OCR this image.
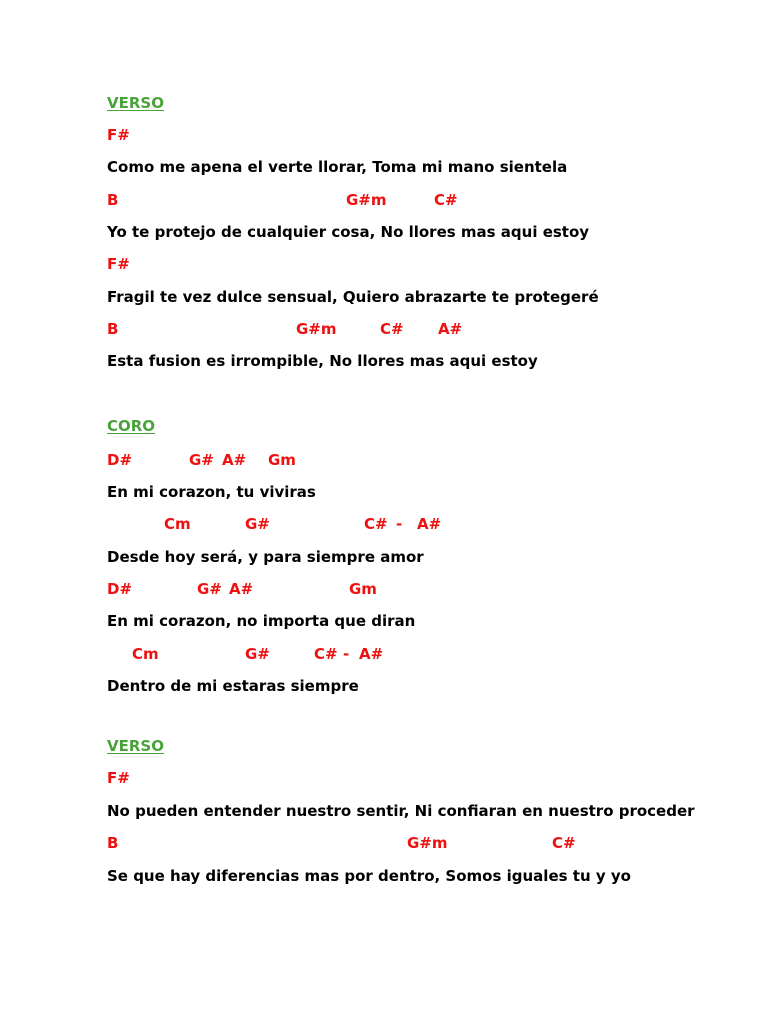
VERSO

F#

Como me apena el verte llorar, Toma mi mano sientela

B

	G#m

	C#

Yo te protejo de cualquier cosa, No llores mas aqui estoy

F#

Fragil te vez dulce sensual, Quiero abrazarte te protegeré

B

	G#m

	C#

A#

Esta fusion es irrompible, No llores mas aqui estoy
CORO

D#

	G#

A#

Gm

En mi corazon, tu viviras

Cm

	G#

	C#

-

A#

Desde hoy será, y para siempre amor

D#

	G#

A#

	Gm

En mi corazon, no importa que diran

Cm

	G#

	C#

-

A#

Dentro de mi estaras siempre
VERSO

F#

No pueden entender nuestro sentir, Ni confiaran en nuestro proceder

B

	G#m

	C#

Se que hay diferencias mas por dentro, Somos iguales tu y yo
